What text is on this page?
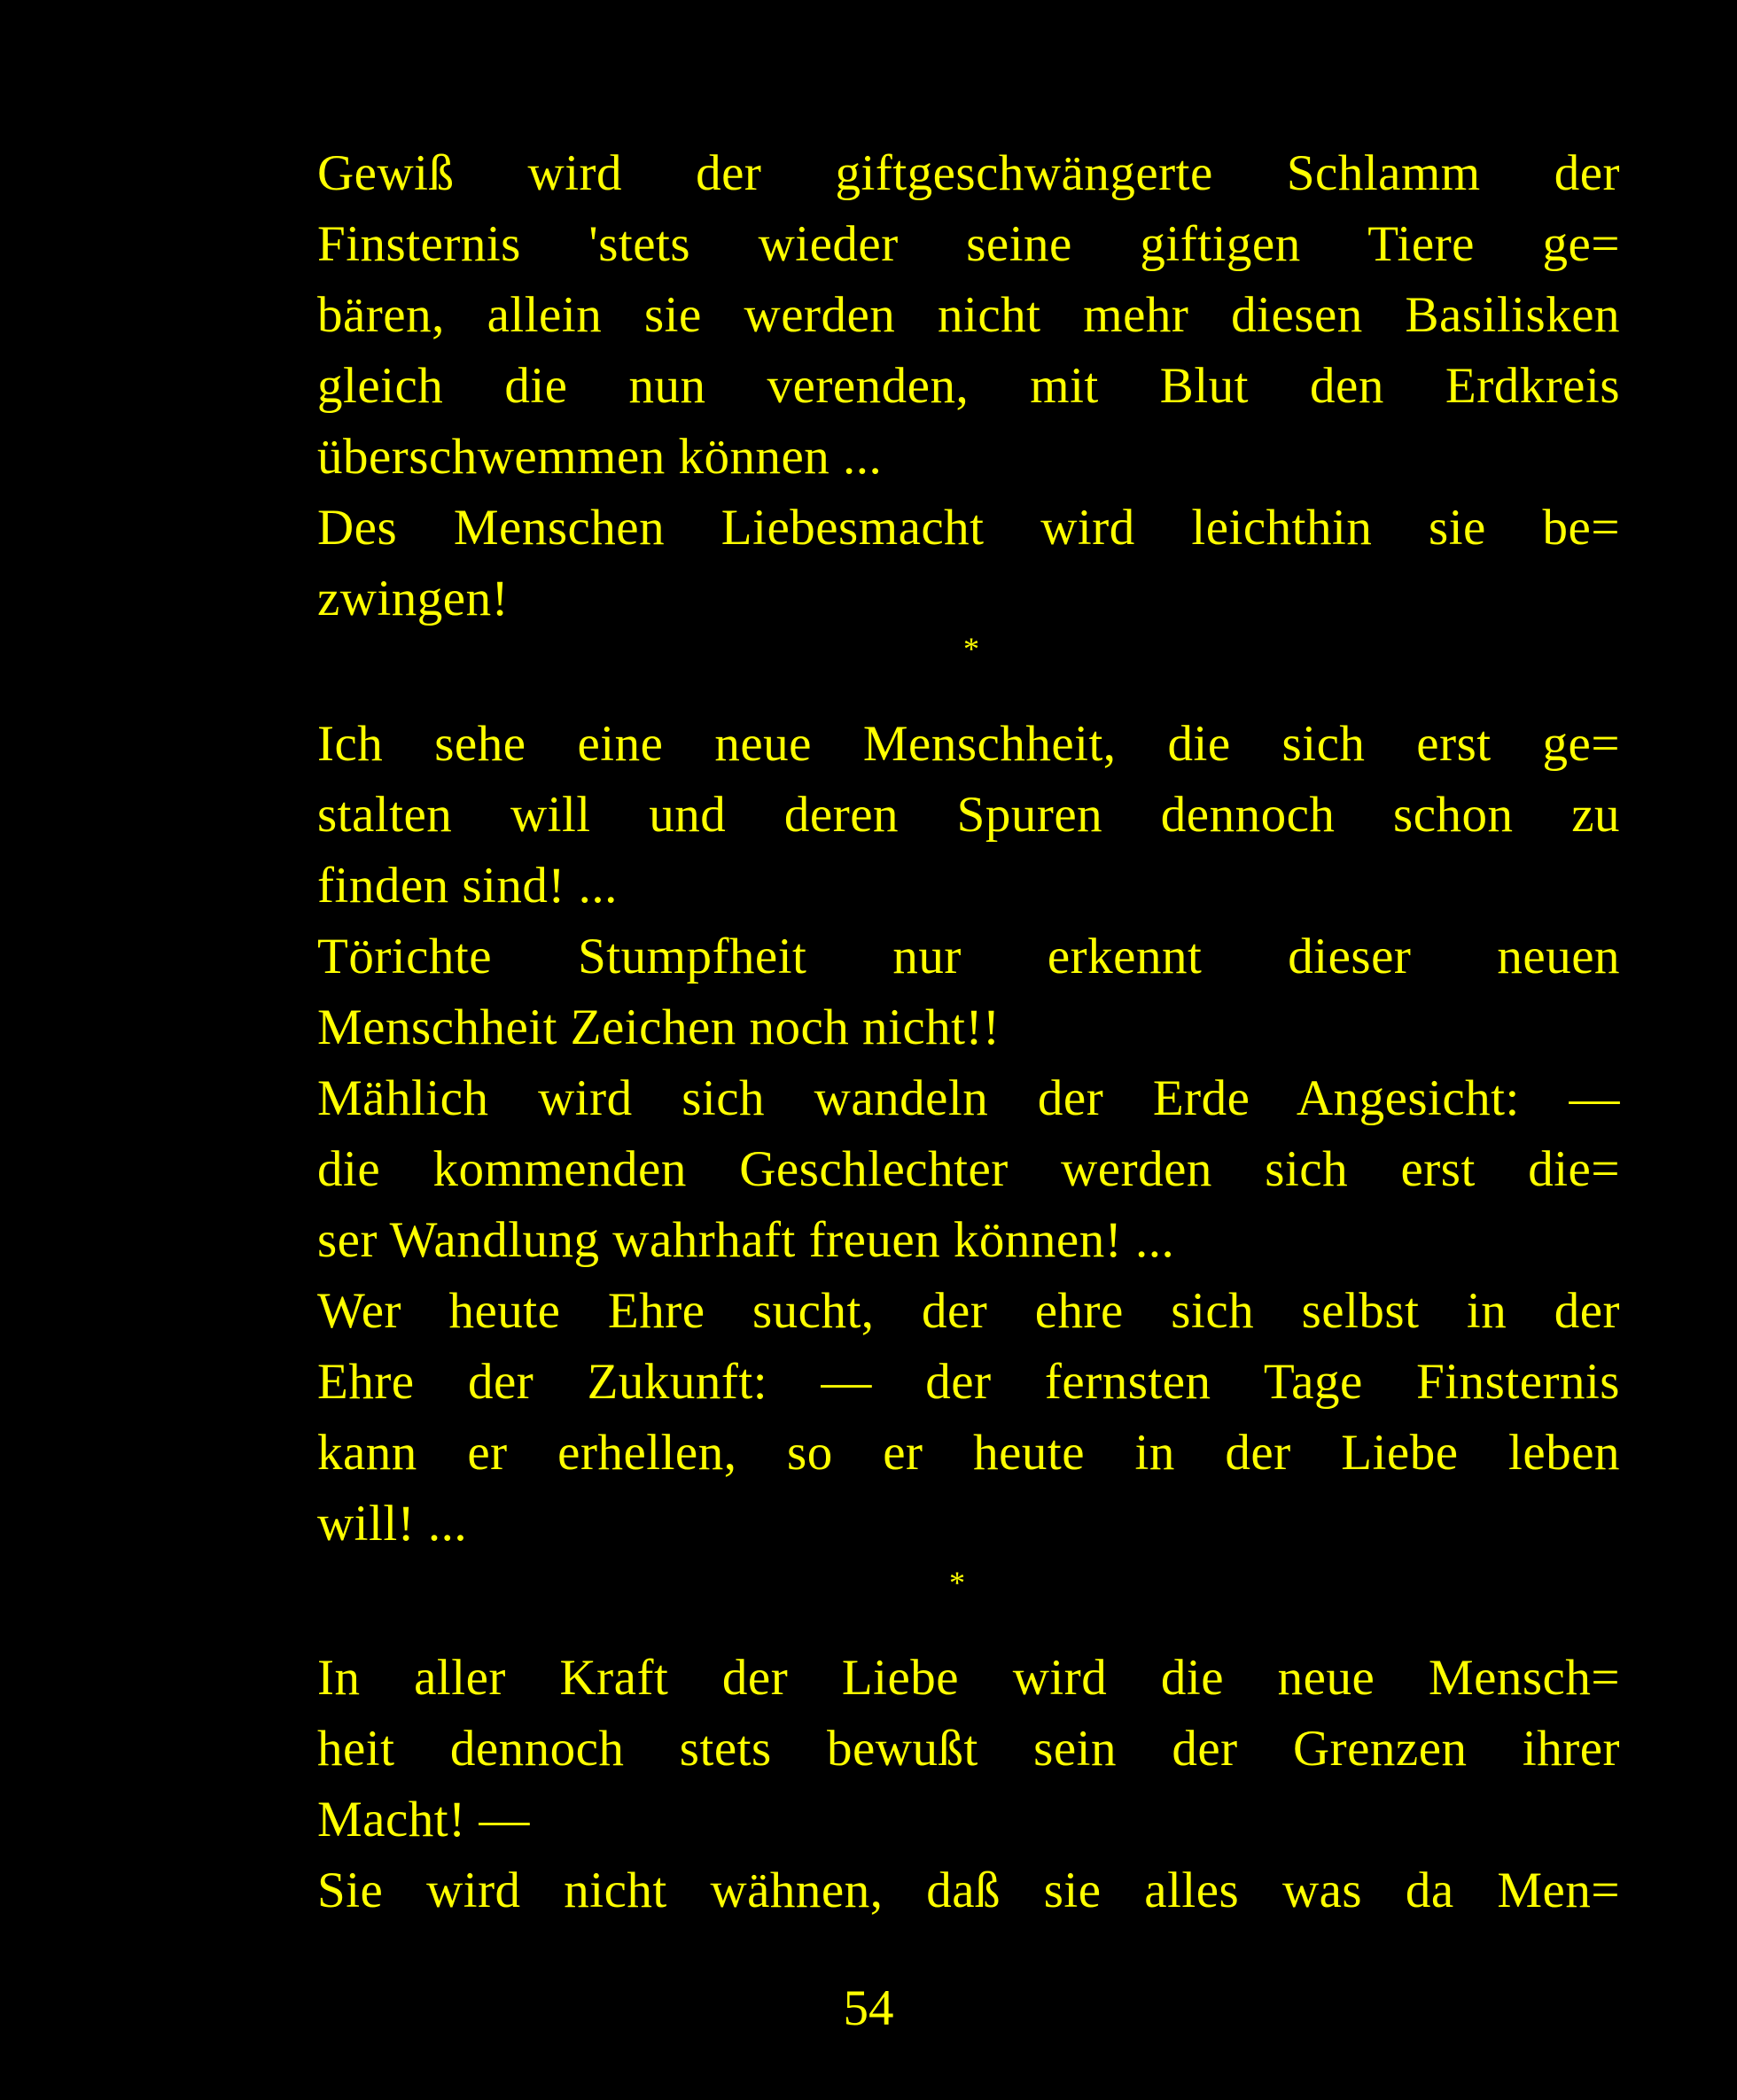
Gewiß wird der giftgeschwängerte Schlamm der
Finsternis 'stets wieder seine giftigen Tiere ge=
bären, allein sie werden nicht mehr diesen Basilisken
gleich die nun verenden, mit Blut den Erdkreis
überschwemmen können ...
Des Menschen Liebesmacht wird leichthin sie be=
zwingen!
*
Ich sehe eine neue Menschheit, die sich erst ge=
stalten will und deren Spuren dennoch schon zu
finden sind! ...
Törichte Stumpfheit nur erkennt dieser neuen
Menschheit Zeichen noch nicht!!
Mählich wird sich wandeln der Erde Angesicht: —
die kommenden Geschlechter werden sich erst die=
ser Wandlung wahrhaft freuen können! ...
Wer heute Ehre sucht, der ehre sich selbst in der
Ehre der Zukunft: — der fernsten Tage Finsternis
kann er erhellen, so er heute in der Liebe leben
will! ...
*
In aller Kraft der Liebe wird die neue Mensch=
heit dennoch stets bewußt sein der Grenzen ihrer
Macht! —
Sie wird nicht wähnen, daß sie alles was da Men=
54
